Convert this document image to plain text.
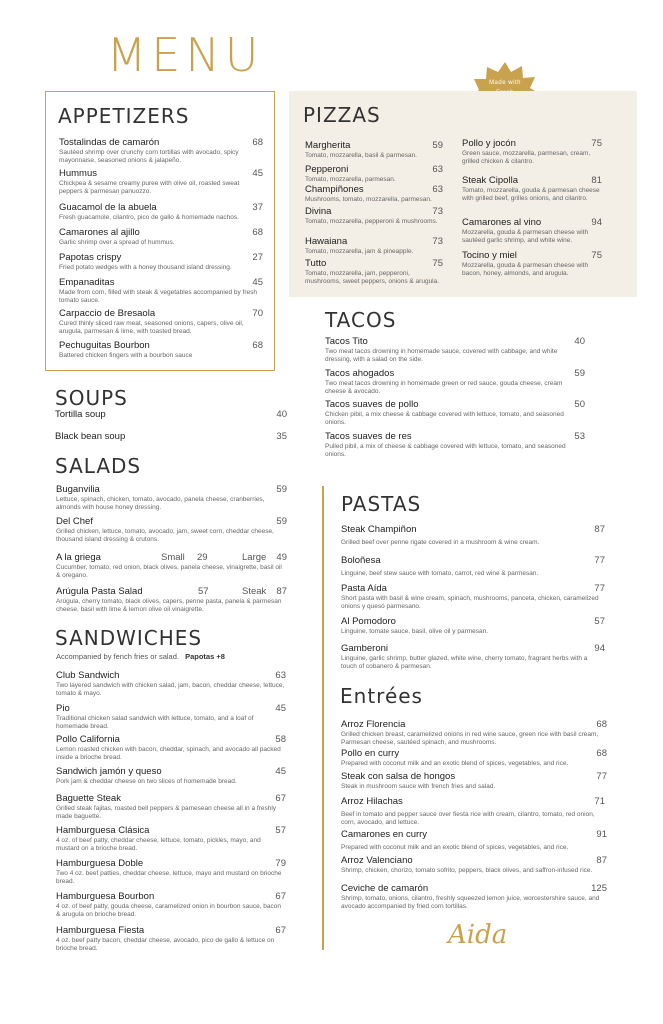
MENU
Made with
APPETIZERS
Tostalindas de camarón	68
Sautéed shrimp over crunchy corn tortillas with avocado, spicy mayonnaise, seasoned onions & jalapeño.
Hummus	45
Chickpea & sesame creamy puree with olive oil, roasted sweat peppers & parmesan panuozzo.
Guacamol de la abuela	37
Fresh guacamole, cilantro, pico de gallo & homemade nachos.
Camarones al ajillo	68
Garlic shrimp over a spread of hummus.
Papotas crispy	27
Fried potato wedges with a honey thousand island dressing.
Empanaditas	45
Made from corn, filled with steak & vegetables accompanied by fresh tomato sauce.
Carpaccio de Bresaola	70
Cured thinly sliced raw meat, seasoned onions, capers, olive oil, arugula, parmesan & lime, with toasted bread.
Pechuguitas Bourbon	68
Battered chicken fingers with a bourbon sauce
PIZZAS
Margherita	59
Tomato, mozzarella, basil & parmesan.
Pepperoni	63
Tomato, mozzarella, parmesan.
Champiñones	63
Mushrooms, tomato, mozzarella, parmesan.
Divina	73
Tomato, mozzarella, pepperoni & mushrooms.
Hawaiana	73
Tomato, mozzarella, jam & pineapple.
Tutto	75
Tomato, mozzarella, jam, pepperoni, mushrooms, sweet peppers, onions & arugula.
Pollo y jocón	75
Green sauce, mozzarella, parmesan, cream, grilled chicken & cilantro.
Steak Cipolla	81
Tomato, mozzarella, gouda & parmesan cheese with grilled beef, grilles onions, and cilantro.
Camarones al vino	94
Mozzarella, gouda & parmesan cheese with sautéed garlic shrimp, and white wine.
Tocino y miel	75
Mozzarella, gouda & parmesan cheese with bacon, honey, almonds, and arugula.
TACOS
Tacos Tito	40
Two meat tacos drowning in homemade sauce, covered with cabbage, and white dressing, with a salad on the side.
Tacos ahogados	59
Two meat tacos drowning in homemade green or red sauce, gouda cheese, cream cheese & avocado.
Tacos suaves de pollo	50
Chicken pibil, a mix cheese & cabbage covered with lettuce, tomato, and seasoned onions.
Tacos suaves de res	53
Pulled pibil, a mix of cheese & cabbage covered with lettuce, tomato, and seasoned onions.
SOUPS
Tortilla soup	40
Black bean soup	35
SALADS
Buganvilia	59
Lettuce, spinach, chicken, tomato, avocado, panela cheese, cranberries, almonds with house honey dressing.
Del Chef	59
Grilled chicken, lettuce, tomato, avocado, jam, sweet corn, cheddar cheese, thousand island dressing & crutons.
A la griega	Small 29	Large 49
Cucumber, tomato, red onion, black olives, panela cheese, vinaigrette, basil oil & oregano.
Arúgula Pasta Salad	57	Steak 87
Arúgula, cherry tomato, black olives, capers, penne pasta, panela & parmesan cheese, basil with lime & lemon olive oil vinaigrette.
SANDWICHES
Accompanied by fench fries or salad. Papotas +8
Club Sandwich	63
Two layered sandwich with chicken salad, jam, bacon, cheddar cheese, lettuce, tomato & mayo.
Pio	45
Traditional chicken salad sandwich with lettuce, tomato, and a loaf of homemade bread.
Pollo California	58
Lemon roasted chicken with bacon, cheddar, spinach, and avocado all packed inside a brioche bread.
Sandwich jamón y queso	45
Pork jam & cheddar cheese on two slices of homemade bread.
Baguette Steak	67
Grilled steak fajitas, roasted bell peppers & pamesean cheese all in a freshly made baguette.
Hamburguesa Clásica	57
4 oz. of beef patty, cheddar cheese, lettuce, tomato, pickles, mayo, and mustard on a brioche bread.
Hamburguesa Doble	79
Two 4 oz. beef patties, cheddar cheese, lettuce, mayo and mustard on brioche bread.
Hamburguesa Bourbon	67
4 oz. of beef patty, gouda cheese, caramelized onion in bourbon sauce, bacon & arugula on brioche bread.
Hamburguesa Fiesta	67
4 oz. beef patty bacon, cheddar cheese, avocado, pico de gallo & lettuce on brioche bread.
PASTAS
Steak Champiñon	87
Grilled beef over penne rigate covered in a mushroom & wine cream.
Boloñesa	77
Linguine, beef stew sauce with tomato, carrot, red wine & parmesan.
Pasta Aída	77
Short pasta with basil & wine cream, spinach, mushrooms, panceta, chicken, caramelized onions y quesó parmesano.
Al Pomodoro	57
Linguine, tomate sauce, basil, olive oil y parmesan.
Gamberoni	94
Linguine, garlic shrimp, butter glazed, white wine, cherry tomato, fragrant herbs with a touch of cobanero & parmesan.
Entrées
Arroz Florencia	68
Grilled chicken breast, caramelized onions in red wine sauce, green rice with basil cream, Parmesan cheese, sautéed spinach, and mushrooms.
Pollo en curry	68
Prepared with coconut milk and an exotic blend of spices, vegetables, and rice.
Steak con salsa de hongos	77
Steak in mushroom sauce with french fries and salad.
Arroz Hilachas	71
Beef in tomato and pepper sauce over fiesta rice with cream, cilantro, tomato, red onion, corn, avocado, and lettuce.
Camarones en curry	91
Prepared with coconut milk and an exotic blend of spices, vegetables, and rice.
Arroz Valenciano	87
Shrimp, chicken, chorizo, tomato sofrito, peppers, black olives, and saffron-infused rice.
Ceviche de camarón	125
Shrimp, tomato, onions, cilantro, freshly squeezed lemon juice, worcestershire sauce, and avocado accompanied by fried corn tortillas.
Aida
